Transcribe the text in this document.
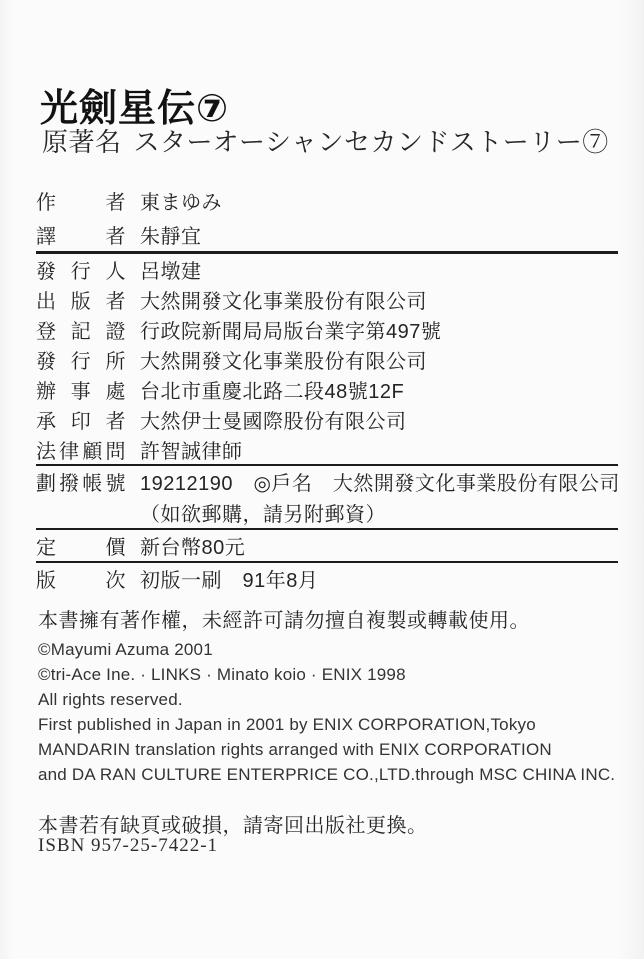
光劍星伝⑦
原著名 スターオーシャンセカンドストーリー⑦
作 者 東まゆみ
譯 者 朱靜宜
發 行 人 呂墩建
出 版 者 大然開發文化事業股份有限公司
登 記 證 行政院新聞局局版台業字第497號
發 行 所 大然開發文化事業股份有限公司
辦 事 處 台北市重慶北路二段48號12F
承 印 者 大然伊士曼國際股份有限公司
法 律 顧 問 許智誠律師
劃 撥 帳 號 19212190　◎戶名　大然開發文化事業股份有限公司
（如欲郵購，請另附郵資）
定 價 新台幣80元
版 次 初版一刷　91年8月
本書擁有著作權，未經許可請勿擅自複製或轉載使用。
©Mayumi Azuma 2001
©tri-Ace Ine. · LINKS · Minato koio · ENIX 1998
All rights reserved.
First published in Japan in 2001 by ENIX CORPORATION,Tokyo
MANDARIN translation rights arranged with ENIX CORPORATION
and DA RAN CULTURE ENTERPRICE CO.,LTD.through MSC CHINA INC.
本書若有缺頁或破損，請寄回出版社更換。
ISBN 957-25-7422-1
